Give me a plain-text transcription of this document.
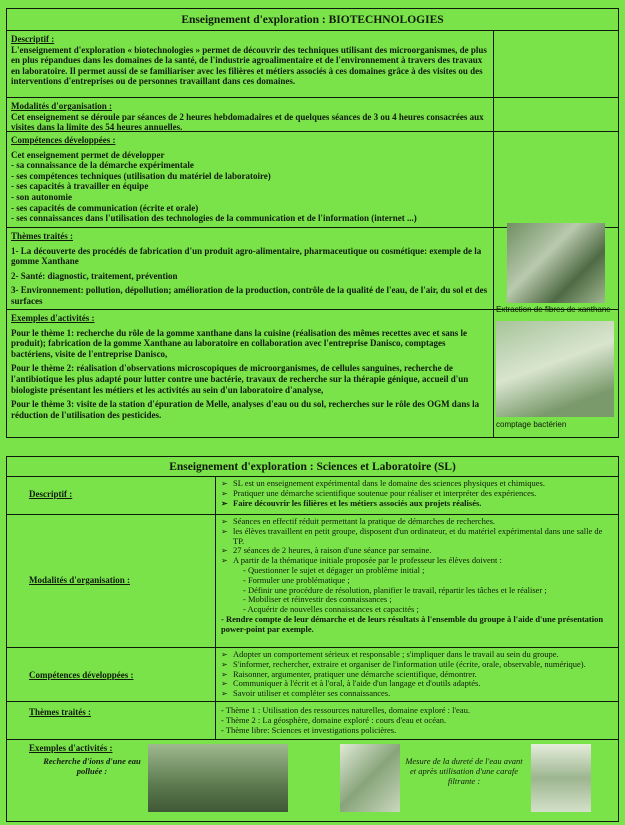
Enseignement d'exploration : BIOTECHNOLOGIES
Descriptif :

L'enseignement d'exploration « biotechnologies » permet de découvrir des techniques utilisant des microorganismes, de plus en plus répandues dans les domaines de la santé, de l'industrie agroalimentaire et de l'environnement à travers des travaux en laboratoire. Il permet aussi de se familiariser avec les filières et métiers associés à ces domaines grâce à des visites ou des interventions d'entreprises ou de personnes travaillant dans ces domaines.

Modalités d'organisation :

Cet enseignement se déroule par séances de 2 heures hebdomadaires et de quelques séances de 3 ou 4 heures consacrées aux visites dans la limite des 54 heures annuelles.

Compétences développées :

Cet enseignement permet de développer

- sa connaissance de la démarche expérimentale

- ses compétences techniques (utilisation du matériel de laboratoire)

- ses capacités à travailler en équipe

- son autonomie

- ses capacités de communication (écrite et orale)

- ses connaissances dans l'utilisation des technologies de la communication et de l'information (internet ...)

Thèmes traités :

1- La découverte des procédés de fabrication d'un produit agro-alimentaire, pharmaceutique ou cosmétique: exemple de la gomme Xanthane

2- Santé: diagnostic, traitement, prévention

3- Environnement: pollution, dépollution; amélioration de la production, contrôle de la qualité de l'eau, de l'air, du sol et des surfaces

Exemples d'activités :

Pour le thème 1: recherche du rôle de la gomme xanthane dans la cuisine (réalisation des mêmes recettes avec et sans le produit); fabrication de la gomme Xanthane au laboratoire en collaboration avec l'entreprise Danisco, comptages bactériens, visite de l'entreprise Danisco,

Pour le thème 2: réalisation d'observations microscopiques de microorganismes, de cellules sanguines, recherche de l'antibiotique les plus adapté pour lutter contre une bactérie, travaux de recherche sur la thérapie génique, accueil d'un biologiste présentant les métiers et les activités au sein d'un laboratoire d'analyse,

Pour le thème 3: visite de la station d'épuration de Melle, analyses d'eau ou du sol, recherches sur le rôle des OGM dans la réduction de l'utilisation des pesticides.

Extraction de fibres de xanthane
comptage bactérien
Enseignement d'exploration : Sciences et Laboratoire (SL)
Descriptif :
➢ SL est un enseignement expérimental dans le domaine des sciences physiques et chimiques.
➢ Pratiquer une démarche scientifique soutenue pour réaliser et interpréter des expériences.
➢ Faire découvrir les filières et les métiers associés aux projets réalisés.
Modalités d'organisation :
➢ Séances en effectif réduit permettant la pratique de démarches de recherches.
➢ les élèves travaillent en petit groupe, disposent d'un ordinateur, et du matériel expérimental dans une salle de TP.
➢ 27 séances de 2 heures, à raison d'une séance par semaine.
➢ A partir de la thématique initiale proposée par le professeur les élèves doivent :
- Questionner le sujet et dégager un problème initial ;
- Formuler une problématique ;
- Définir une procédure de résolution, planifier le travail, répartir les tâches et le réaliser ;
- Mobiliser et réinvestir des connaissances ;
- Acquérir de nouvelles connaissances et capacités ;
- Rendre compte de leur démarche et de leurs résultats à l'ensemble du groupe à l'aide d'une présentation power-point par exemple.
Compétences développées :
➢ Adopter un comportement sérieux et responsable ; s'impliquer dans le travail au sein du groupe.
➢ S'informer, rechercher, extraire et organiser de l'information utile (écrite, orale, observable, numérique).
➢ Raisonner, argumenter, pratiquer une démarche scientifique, démontrer.
➢ Communiquer à l'écrit et à l'oral, à l'aide d'un langage et d'outils adaptés.
➢ Savoir utiliser et compléter ses connaissances.
Thèmes traités :	- Thème 1 : Utilisation des ressources naturelles, domaine exploré : l'eau.
- Thème 2 : La géosphère, domaine exploré : cours d'eau et océan.
- Thème libre: Sciences et investigations policières.
Exemples d'activités :
Recherche d'ions d'une eau polluée :
Mesure de la dureté de l'eau avant et après utilisation d'une carafe filtrante :
